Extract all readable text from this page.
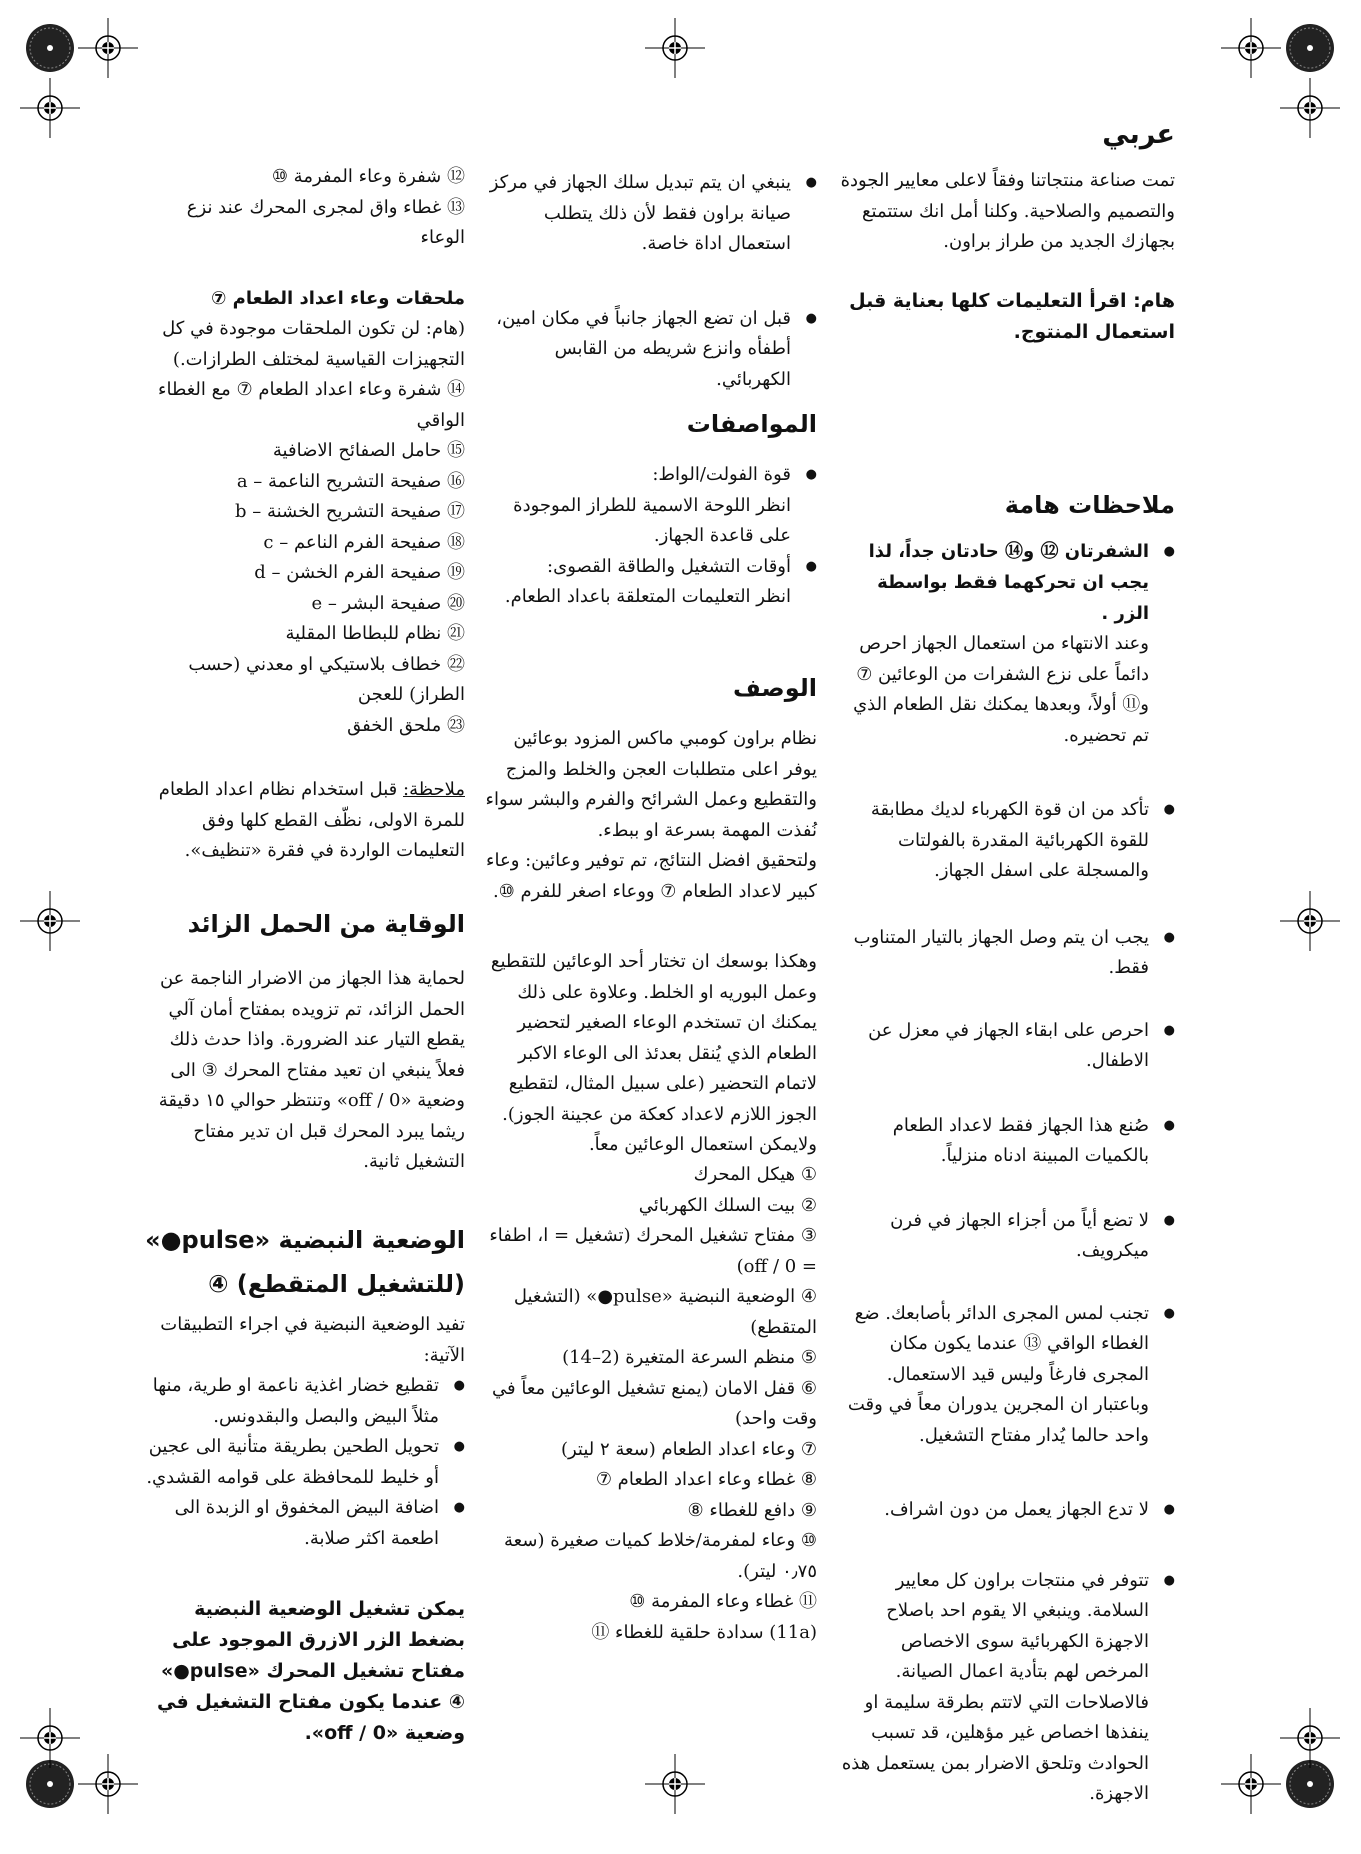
عربي
تمت صناعة منتجاتنا وفقاً لاعلى معايير الجودة والتصميم والصلاحية. وكلنا أمل انك ستتمتع بجهازك الجديد من طراز براون.
هام: اقرأ التعليمات كلها بعناية قبل استعمال المنتوج.
ملاحظات هامة
● الشفرتان ⑫ و⑭ حادتان جداً، لذا يجب ان تحركهما فقط بواسطة الزر .

وعند الانتهاء من استعمال الجهاز احرص دائماً على نزع الشفرات من الوعائين ⑦ و⑪ أولاً، وبعدها يمكنك نقل الطعام الذي تم تحضيره.

● تأكد من ان قوة الكهرباء لديك مطابقة للقوة الكهربائية المقدرة بالفولتات والمسجلة على اسفل الجهاز.
● يجب ان يتم وصل الجهاز بالتيار المتناوب فقط.
● احرص على ابقاء الجهاز في معزل عن الاطفال.
● صُنع هذا الجهاز فقط لاعداد الطعام بالكميات المبينة ادناه منزلياً.
● لا تضع أياً من أجزاء الجهاز في فرن ميكرويف.
● تجنب لمس المجرى الدائر بأصابعك. ضع الغطاء الواقي ⑬ عندما يكون مكان المجرى فارغاً وليس قيد الاستعمال. وباعتبار ان المجرين يدوران معاً في وقت واحد حالما يُدار مفتاح التشغيل.
● لا تدع الجهاز يعمل من دون اشراف.
● تتوفر في منتجات براون كل معايير السلامة. وينبغي الا يقوم احد باصلاح الاجهزة الكهربائية سوى الاخصاص المرخص لهم بتأدية اعمال الصيانة. فالاصلاحات التي لاتتم بطرقة سليمة او ينفذها اخصاص غير مؤهلين، قد تسبب الحوادث وتلحق الاضرار بمن يستعمل هذه الاجهزة.
● ينبغي ان يتم تبديل سلك الجهاز في مركز صيانة براون فقط لأن ذلك يتطلب استعمال اداة خاصة.
● قبل ان تضع الجهاز جانباً في مكان امين، أطفأه وانزع شريطه من القابس الكهربائي.
المواصفات
● قوة الفولت/الواط:

انظر اللوحة الاسمية للطراز الموجودة على قاعدة الجهاز.

● أوقات التشغيل والطاقة القصوى:

انظر التعليمات المتعلقة باعداد الطعام.

الوصف

نظام براون كومبي ماكس المزود بوعائين يوفر اعلى متطلبات العجن والخلط والمزج والتقطيع وعمل الشرائح والفرم والبشر سواء نُفذت المهمة بسرعة او ببطء.

ولتحقيق افضل النتائج، تم توفير وعائين: وعاء كبير لاعداد الطعام ⑦ ووعاء اصغر للفرم ⑩.

وهكذا بوسعك ان تختار أحد الوعائين للتقطيع وعمل البوريه او الخلط. وعلاوة على ذلك يمكنك ان تستخدم الوعاء الصغير لتحضير الطعام الذي يُنقل بعدئذ الى الوعاء الاكبر لاتمام التحضير (على سبيل المثال، لتقطيع الجوز اللازم لاعداد كعكة من عجينة الجوز). ولايمكن استعمال الوعائين معاً.

① هيكل المحرك

② بيت السلك الكهربائي

③ مفتاح تشغيل المحرك (تشغيل = ا، اطفاء = off / 0)

④ الوضعية النبضية «pulse●» (التشغيل المتقطع)

⑤ منظم السرعة المتغيرة (2–14)

⑥ قفل الامان (يمنع تشغيل الوعائين معاً في وقت واحد)

⑦ وعاء اعداد الطعام (سعة ٢ ليتر)

⑧ غطاء وعاء اعداد الطعام ⑦

⑨ دافع للغطاء ⑧

⑩ وعاء لمفرمة/خلاط كميات صغيرة (سعة ٠٫٧٥ ليتر).

⑪ غطاء وعاء المفرمة ⑩

(11a) سدادة حلقية للغطاء ⑪

⑫ شفرة وعاء المفرمة ⑩

⑬ غطاء واق لمجرى المحرك عند نزع الوعاء

ملحقات وعاء اعداد الطعام ⑦

(هام: لن تكون الملحقات موجودة في كل التجهيزات القياسية لمختلف الطرازات.)

⑭ شفرة وعاء اعداد الطعام ⑦ مع الغطاء الواقي

⑮ حامل الصفائح الاضافية

⑯ صفيحة التشريح الناعمة – a

⑰ صفيحة التشريح الخشنة – b

⑱ صفيحة الفرم الناعم – c

⑲ صفيحة الفرم الخشن – d

⑳ صفيحة البشر – e

㉑ نظام للبطاطا المقلية

㉒ خطاف بلاستيكي او معدني (حسب الطراز) للعجن

㉓ ملحق الخفق

ملاحظة: قبل استخدام نظام اعداد الطعام للمرة الاولى، نظّف القطع كلها وفق التعليمات الواردة في فقرة «تنظيف».

الوقاية من الحمل الزائد
لحماية هذا الجهاز من الاضرار الناجمة عن الحمل الزائد، تم تزويده بمفتاح أمان آلي يقطع التيار عند الضرورة. واذا حدث ذلك فعلاً ينبغي ان تعيد مفتاح المحرك ③ الى وضعية «off / 0» وتنتظر حوالي ١٥ دقيقة ريثما يبرد المحرك قبل ان تدير مفتاح التشغيل ثانية.
الوضعية النبضية «pulse●» (للتشغيل المتقطع) ④

تفيد الوضعية النبضية في اجراء التطبيقات الآتية:

● تقطيع خضار اغذية ناعمة او طرية، منها مثلاً البيض والبصل والبقدونس.
● تحويل الطحين بطريقة متأنية الى عجين أو خليط للمحافظة على قوامه القشدي.
● اضافة البيض المخفوق او الزبدة الى اطعمة اكثر صلابة.

يمكن تشغيل الوضعية النبضية بضغط الزر الازرق الموجود على مفتاح تشغيل المحرك «pulse●» ④ عندما يكون مفتاح التشغيل في وضعية «off / 0».
